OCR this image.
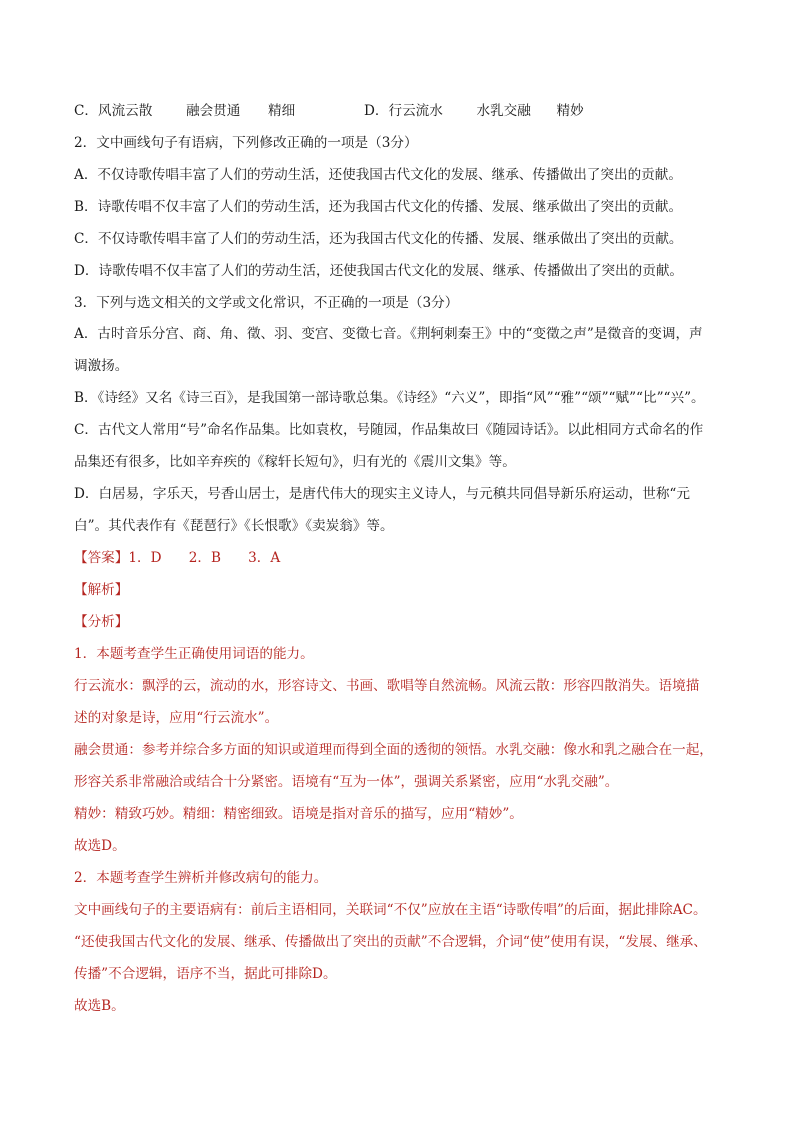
C．风流云散 融会贯通 精细	D．行云流水 水乳交融 精妙
2．文中画线句子有语病，下列修改正确的一项是（3分）
A．不仅诗歌传唱丰富了人们的劳动生活，还使我国古代文化的发展、继承、传播做出了突出的贡献。
B．诗歌传唱不仅丰富了人们的劳动生活，还为我国古代文化的传播、发展、继承做出了突出的贡献。
C．不仅诗歌传唱丰富了人们的劳动生活，还为我国古代文化的传播、发展、继承做出了突出的贡献。
D．诗歌传唱不仅丰富了人们的劳动生活，还使我国古代文化的发展、继承、传播做出了突出的贡献。
3．下列与选文相关的文学或文化常识，不正确的一项是（3分）
A．古时音乐分宫、商、角、徵、羽、变宫、变徵七音。《荆轲刺秦王》中的“变徵之声”是徵音的变调，声
调激扬。
B．《诗经》又名《诗三百》，是我国第一部诗歌总集。《诗经》“六义”，即指“风”“雅”“颂”“赋”“比”“兴”。
C．古代文人常用“号”命名作品集。比如袁枚，号随园，作品集故曰《随园诗话》。以此相同方式命名的作
品集还有很多，比如辛弃疾的《稼轩长短句》，归有光的《震川文集》等。
D．白居易，字乐天，号香山居士，是唐代伟大的现实主义诗人，与元稹共同倡导新乐府运动，世称“元
白”。其代表作有《琵琶行》《长恨歌》《卖炭翁》等。
【答案】1．D　　2．B　　3．A
【解析】
【分析】
1．本题考查学生正确使用词语的能力。
行云流水：飘浮的云，流动的水，形容诗文、书画、歌唱等自然流畅。风流云散：形容四散消失。语境描
述的对象是诗，应用“行云流水”。
融会贯通：参考并综合多方面的知识或道理而得到全面的透彻的领悟。水乳交融：像水和乳之融合在一起，
形容关系非常融洽或结合十分紧密。语境有“互为一体”，强调关系紧密，应用“水乳交融”。
精妙：精致巧妙。精细：精密细致。语境是指对音乐的描写，应用“精妙”。
故选D。
2．本题考查学生辨析并修改病句的能力。
文中画线句子的主要语病有：前后主语相同，关联词“不仅”应放在主语“诗歌传唱”的后面，据此排除AC。
“还使我国古代文化的发展、继承、传播做出了突出的贡献”不合逻辑，介词“使”使用有误，“发展、继承、
传播”不合逻辑，语序不当，据此可排除D。
故选B。
